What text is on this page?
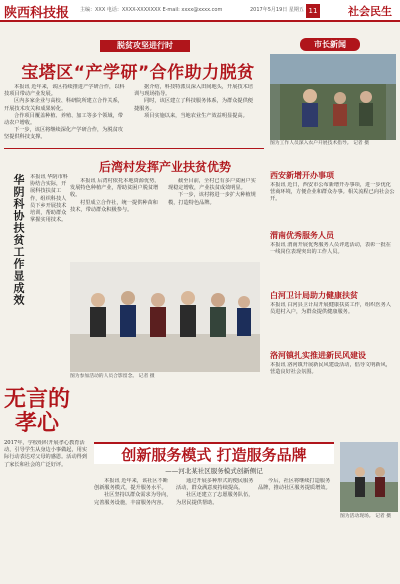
陕西科技报 主编：XXX 电话：XXXX-XXXXXXX E-mail: xxxx@xxxx.com	2017年5月19日 星期五 11	社会民生
脱贫攻坚进行时
宝塔区“产学研”合作助力脱贫

本报讯 近年来，该区持续推进产学研合作，以科技项目带动产业发展。

区内多家企业与高校、科研院所建立合作关系，开展技术攻关和成果转化。

合作项目覆盖种植、养殖、加工等多个领域，带动农户增收。

下一步，该区将继续深化产学研合作，为脱贫攻坚提供科技支撑。

据介绍，科技特派员深入田间地头，开展技术培训与现场指导。

同时，该区建立了科技服务体系，为群众提供便捷服务。

项目实施以来，当地农业生产效益明显提高。

市长新闻
图为工作人员深入农户开展技术指导。 记者 摄
后湾村发挥产业扶贫优势

本报讯 后湾村依托本地资源优势，发展特色种植产业，帮助贫困户脱贫增收。

村里成立合作社，统一提供种苗和技术，带动群众积极参与。

截至目前，全村已有多户贫困户实现稳定增收，产业扶贫成效明显。

下一步，该村将进一步扩大种植规模，打造特色品牌。

华阴科协扶贫工作显成效 本报讯 华阴市科协结合实际，开展科技扶贫工作，组织科技人员下乡开展技术培训，帮助群众掌握实用技术。
图为参加活动的人员合影留念。 记者 摄
西安新增开办事项
本报讯 近日，西安市公布新增开办事项，进一步优化营商环境，方便企业和群众办事。相关流程已向社会公开。
渭南优秀服务人员
本报讯 渭南开展优秀服务人员评选活动，表彰一批在一线岗位表现突出的工作人员。
白河卫计局助力健康扶贫
本报讯 白河县卫计局开展健康扶贫工作，组织医务人员进村入户，为群众提供健康服务。
洛河镇扎实推进新民风建设
本报讯 洛河镇开展新民风建设活动，倡导文明新风，营造良好社会氛围。
无言的孝心
2017年，学校组织开展孝心教育活动，引导学生从身边小事做起，用实际行动表达对父母的感恩。活动得到了家长和社会的广泛好评。
创新服务模式 打造服务品牌
——河北某社区服务模式创新侧记

本报讯 近年来，该社区不断创新服务模式，提升服务水平。

社区坚持以群众需求为导向，完善服务设施，丰富服务内容。

通过开展多种形式的便民服务活动，群众满意度持续提高。

社区还建立了志愿服务队伍，为居民提供帮助。

今后，社区将继续打造服务品牌，推动社区服务提质增效。

图为活动现场。 记者 摄
